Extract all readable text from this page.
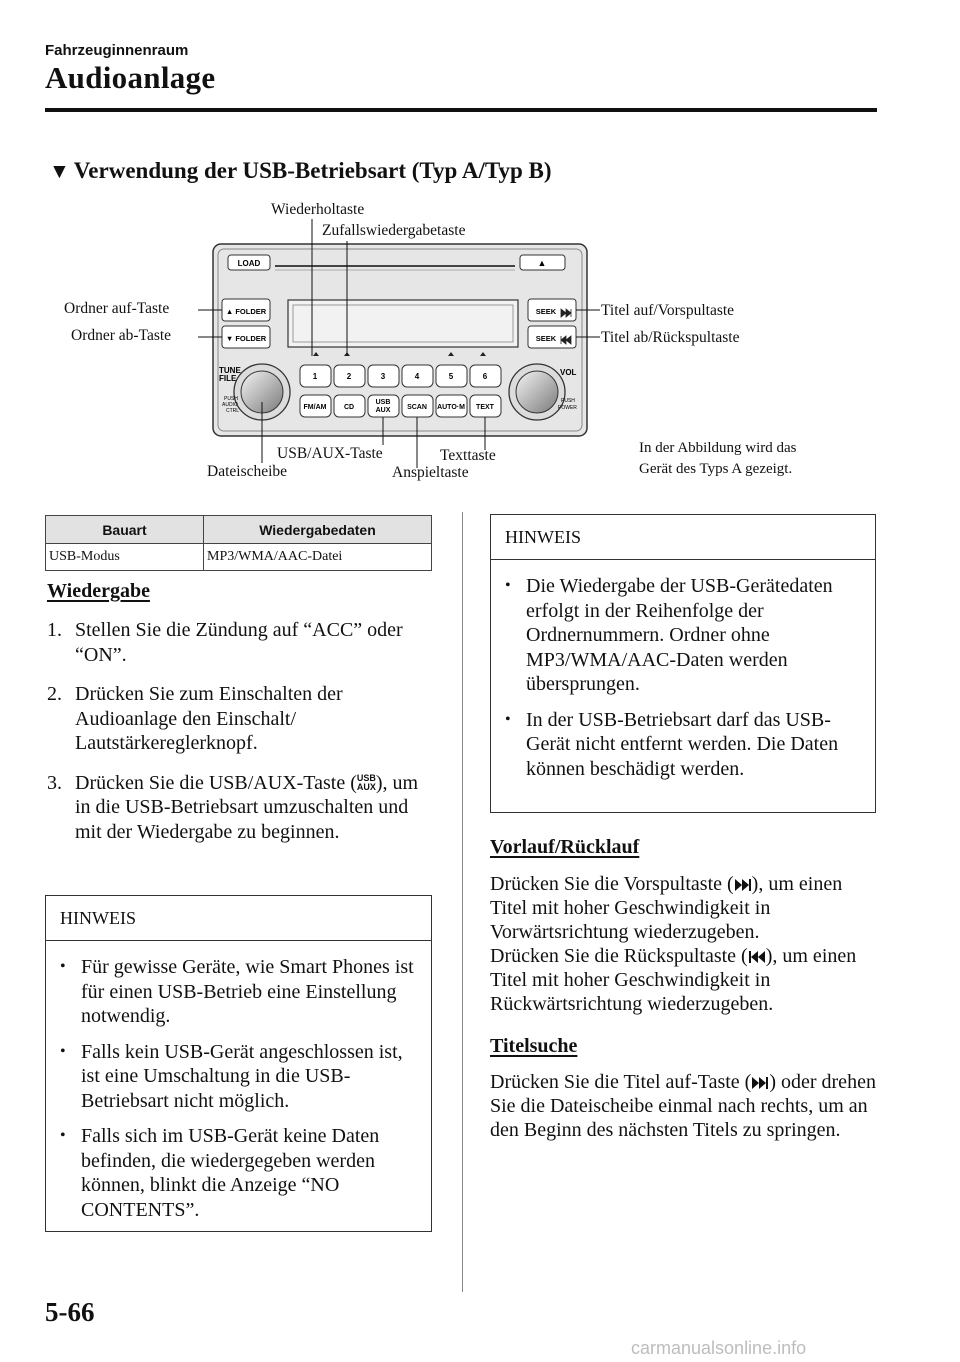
Fahrzeuginnenraum
Audioanlage
▼ Verwendung der USB-Betriebsart (Typ A/Typ B)
LOAD	▲
▲ FOLDER
▼ FOLDER
SEEK
SEEK
TUNE
FILE
PUSH
AUDIO
CTRL
VOL
PUSH
POWER
1	2	3	4	5	6
FM/AM CD
USB
AUX SCAN AUTO·M TEXT
Wiederholtaste
Zufallswiedergabetaste
Ordner auf-Taste
Ordner ab-Taste
Titel auf/Vorspultaste
Titel ab/Rückspultaste
USB/AUX-Taste	Texttaste
Dateischeibe	Anspieltaste
In der Abbildung wird das
Gerät des Typs A gezeigt.
Bauart	Wiedergabedaten
USB-Modus	MP3/WMA/AAC-Datei
Wiedergabe
1. Stellen Sie die Zündung auf “ACC” oder “ON”.
2. Drücken Sie zum Einschalten der Audioanlage den Einschalt/ Lautstärkereglerknopf.
3. Drücken Sie die USB/AUX-Taste (USB
AUX), um in die USB-Betriebsart umzuschalten und mit der Wiedergabe zu beginnen.
HINWEIS
• Für gewisse Geräte, wie Smart Phones ist für einen USB-Betrieb eine Einstellung notwendig.
• Falls kein USB-Gerät angeschlossen ist, ist eine Umschaltung in die USB-Betriebsart nicht möglich.
• Falls sich im USB-Gerät keine Daten befinden, die wiedergegeben werden können, blinkt die Anzeige “NO CONTENTS”.
HINWEIS
• Die Wiedergabe der USB-Gerätedaten erfolgt in der Reihenfolge der Ordnernummern. Ordner ohne MP3/WMA/AAC-Daten werden übersprungen.
• In der USB-Betriebsart darf das USB-Gerät nicht entfernt werden. Die Daten können beschädigt werden.
Vorlauf/Rücklauf
Drücken Sie die Vorspultaste ( ), um einen Titel mit hoher Geschwindigkeit in Vorwärtsrichtung wiederzugeben.
Drücken Sie die Rückspultaste ( ), um einen Titel mit hoher Geschwindigkeit in Rückwärtsrichtung wiederzugeben.
Titelsuche
Drücken Sie die Titel auf-Taste ( ) oder drehen Sie die Dateischeibe einmal nach rechts, um an den Beginn des nächsten Titels zu springen.
5-66
carmanualsonline.info
